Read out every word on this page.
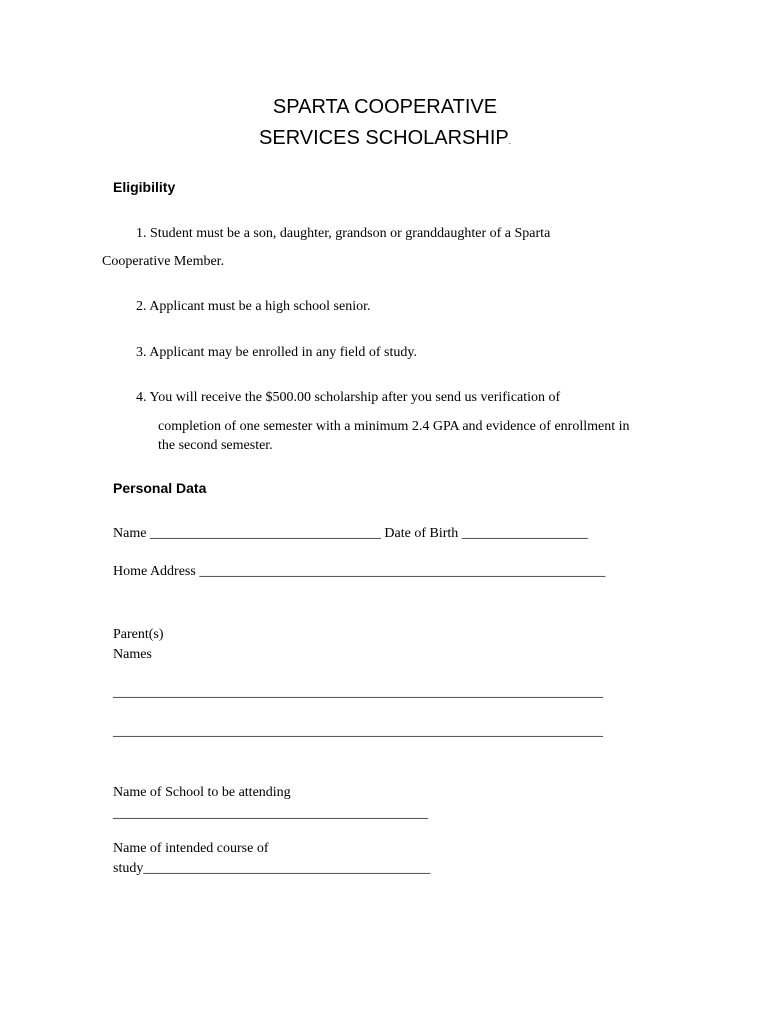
SPARTA COOPERATIVE
SERVICES SCHOLARSHIP.
Eligibility
1. Student must be a son, daughter, grandson or granddaughter of a Sparta
Cooperative Member.
2. Applicant must be a high school senior.
3. Applicant may be enrolled in any field of study.
4. You will receive the $500.00 scholarship after you send us verification of
completion of one semester with a minimum 2.4 GPA and evidence of enrollment in
the second semester.
Personal Data
Name _________________________________ Date of Birth __________________
Home Address __________________________________________________________
Parent(s)
Names
______________________________________________________________________
______________________________________________________________________
Name of School to be attending
_____________________________________________
Name of intended course of
study_________________________________________
